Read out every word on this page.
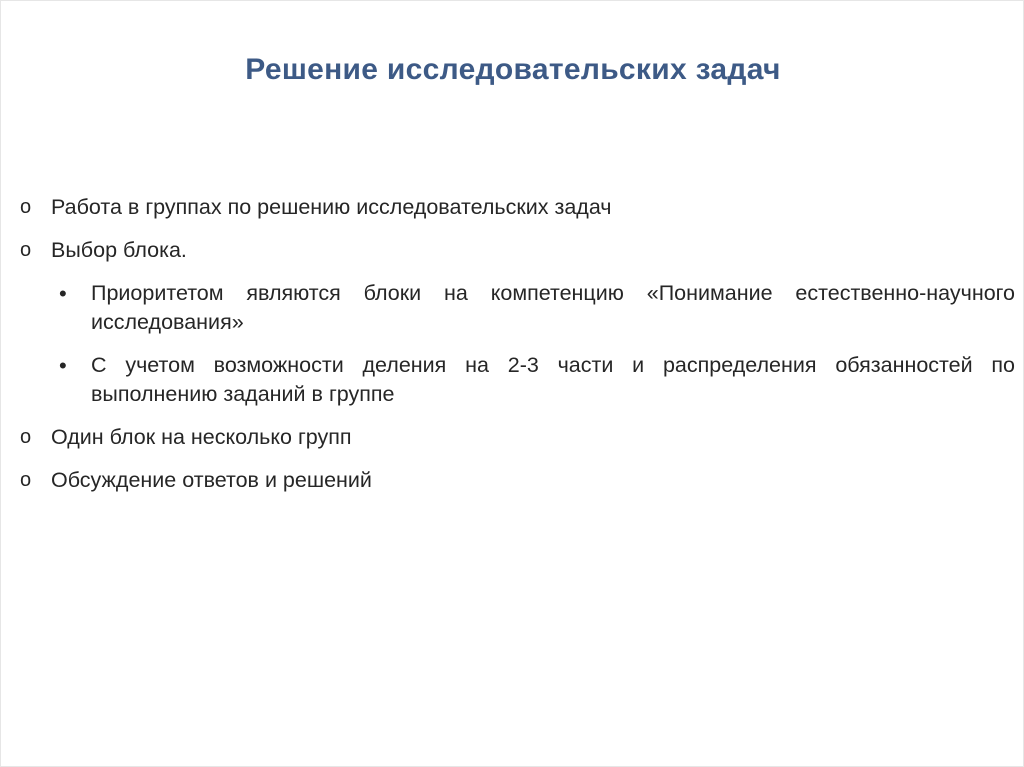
Решение исследовательских задач
o Работа в группах по решению исследовательских задач
o Выбор блока.
• Приоритетом являются блоки на компетенцию «Понимание естественно-научного исследования»
• С учетом возможности деления на 2-3 части и распределения обязанностей по выполнению заданий в группе
o Один блок на несколько групп
o Обсуждение ответов и решений
